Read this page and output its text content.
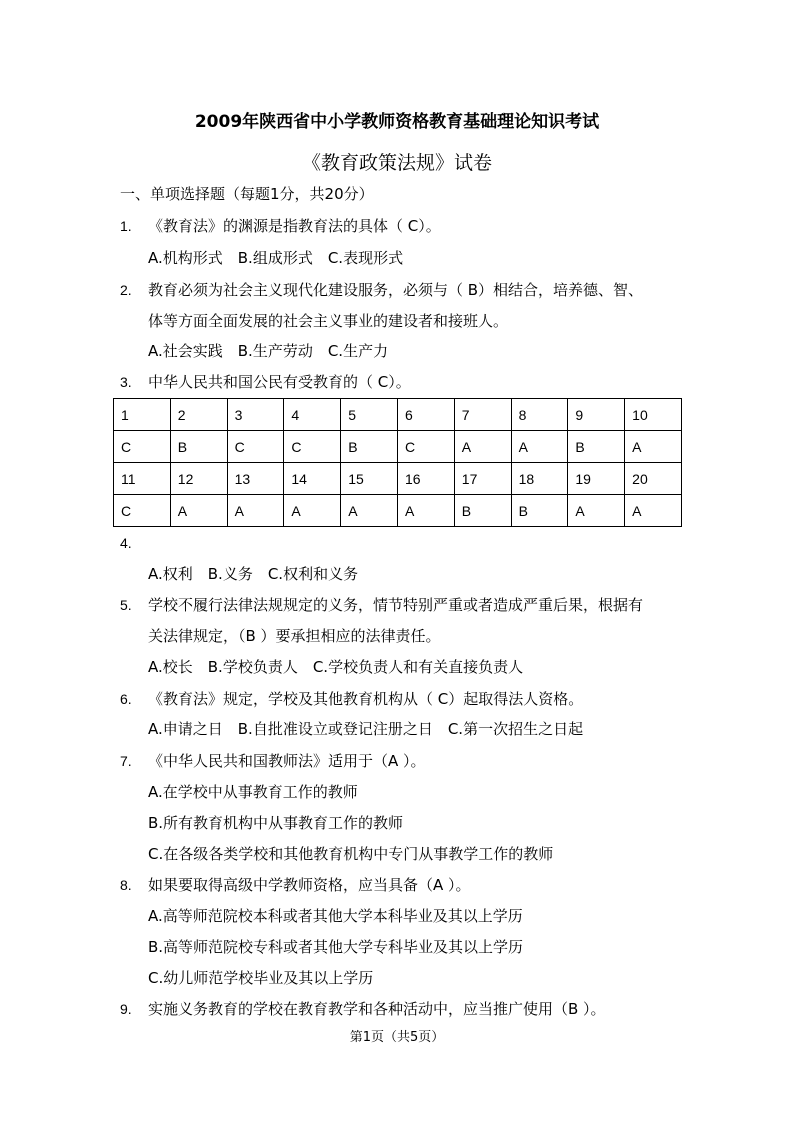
2009年陕西省中小学教师资格教育基础理论知识考试
《教育政策法规》试卷
一、单项选择题（每题1分，共20分）
1. 《教育法》的渊源是指教育法的具体（ C）。
A.机构形式　B.组成形式　C.表现形式
2. 教育必须为社会主义现代化建设服务，必须与（ B）相结合，培养德、智、
体等方面全面发展的社会主义事业的建设者和接班人。
A.社会实践　B.生产劳动　C.生产力
3. 中华人民共和国公民有受教育的（ C）。
1	2	3	4	5	6	7	8	9	10
C	B	C	C	B	C	A	A	B	A
11	12	13	14	15	16	17	18	19	20
C	A	A	A	A	A	B	B	A	A
4.
A.权利　B.义务　C.权利和义务
5. 学校不履行法律法规规定的义务，情节特别严重或者造成严重后果，根据有
关法律规定，（B ）要承担相应的法律责任。
A.校长　B.学校负责人　C.学校负责人和有关直接负责人
6. 《教育法》规定，学校及其他教育机构从（ C）起取得法人资格。
A.申请之日　B.自批准设立或登记注册之日　C.第一次招生之日起
7. 《中华人民共和国教师法》适用于（A ）。
A.在学校中从事教育工作的教师
B.所有教育机构中从事教育工作的教师
C.在各级各类学校和其他教育机构中专门从事教学工作的教师
8. 如果要取得高级中学教师资格，应当具备（A ）。
A.高等师范院校本科或者其他大学本科毕业及其以上学历
B.高等师范院校专科或者其他大学专科毕业及其以上学历
C.幼儿师范学校毕业及其以上学历
9. 实施义务教育的学校在教育教学和各种活动中，应当推广使用（B ）。
第1页（共5页）
